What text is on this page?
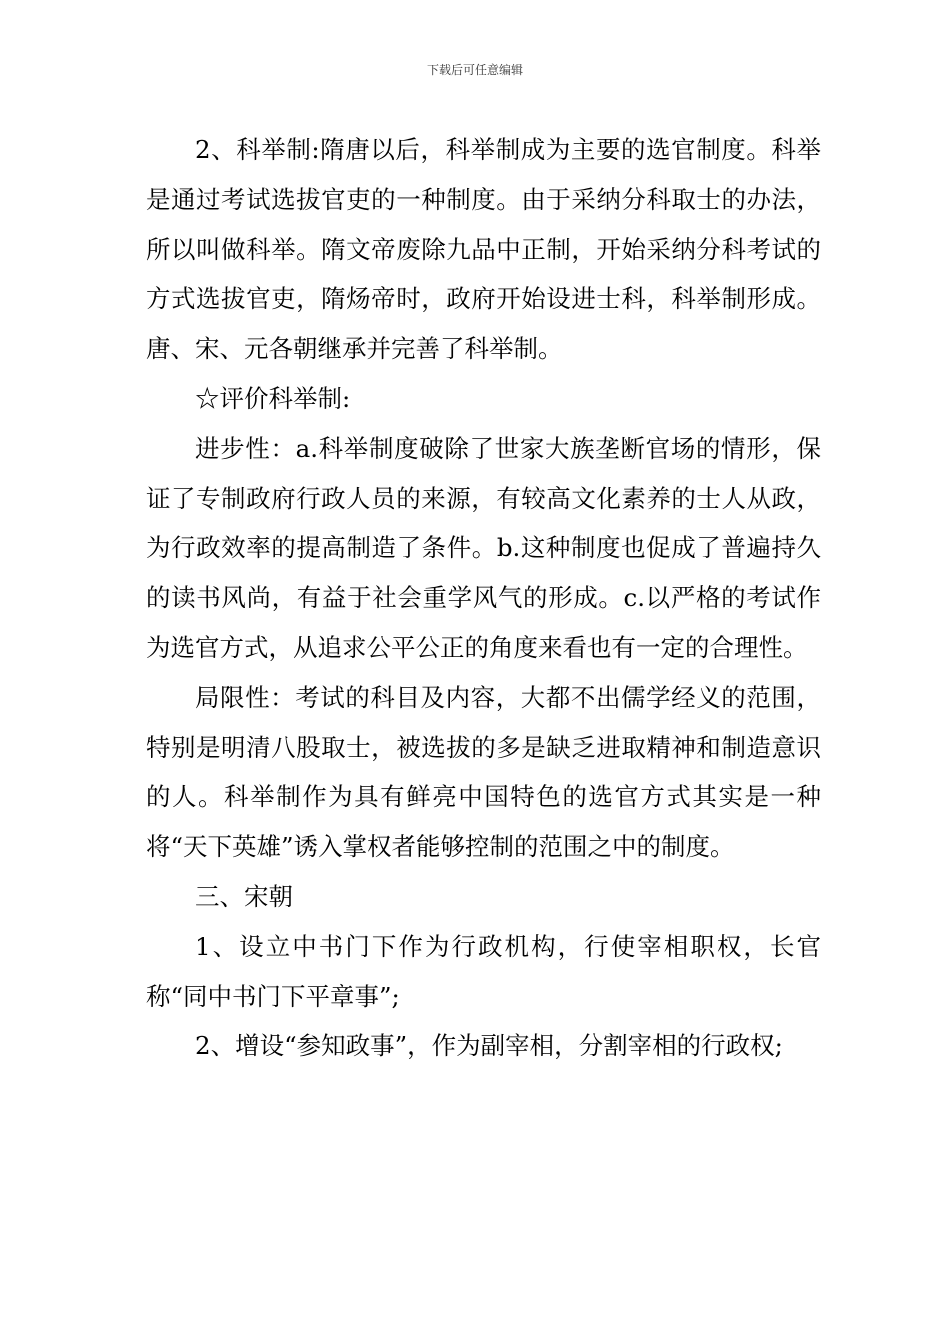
下载后可任意编辑

2、科举制:隋唐以后，科举制成为主要的选官制度。科举是通过考试选拔官吏的一种制度。由于采纳分科取士的办法，所以叫做科举。隋文帝废除九品中正制，开始采纳分科考试的方式选拔官吏，隋炀帝时，政府开始设进士科，科举制形成。唐、宋、元各朝继承并完善了科举制。

☆评价科举制:

进步性：a.科举制度破除了世家大族垄断官场的情形，保证了专制政府行政人员的来源，有较高文化素养的士人从政，为行政效率的提高制造了条件。b.这种制度也促成了普遍持久的读书风尚，有益于社会重学风气的形成。c.以严格的考试作为选官方式，从追求公平公正的角度来看也有一定的合理性。

局限性：考试的科目及内容，大都不出儒学经义的范围，特别是明清八股取士，被选拔的多是缺乏进取精神和制造意识的人。科举制作为具有鲜亮中国特色的选官方式其实是一种将“天下英雄”诱入掌权者能够控制的范围之中的制度。

三、宋朝

1、设立中书门下作为行政机构，行使宰相职权，长官称“同中书门下平章事”;

2、增设“参知政事”，作为副宰相，分割宰相的行政权;
